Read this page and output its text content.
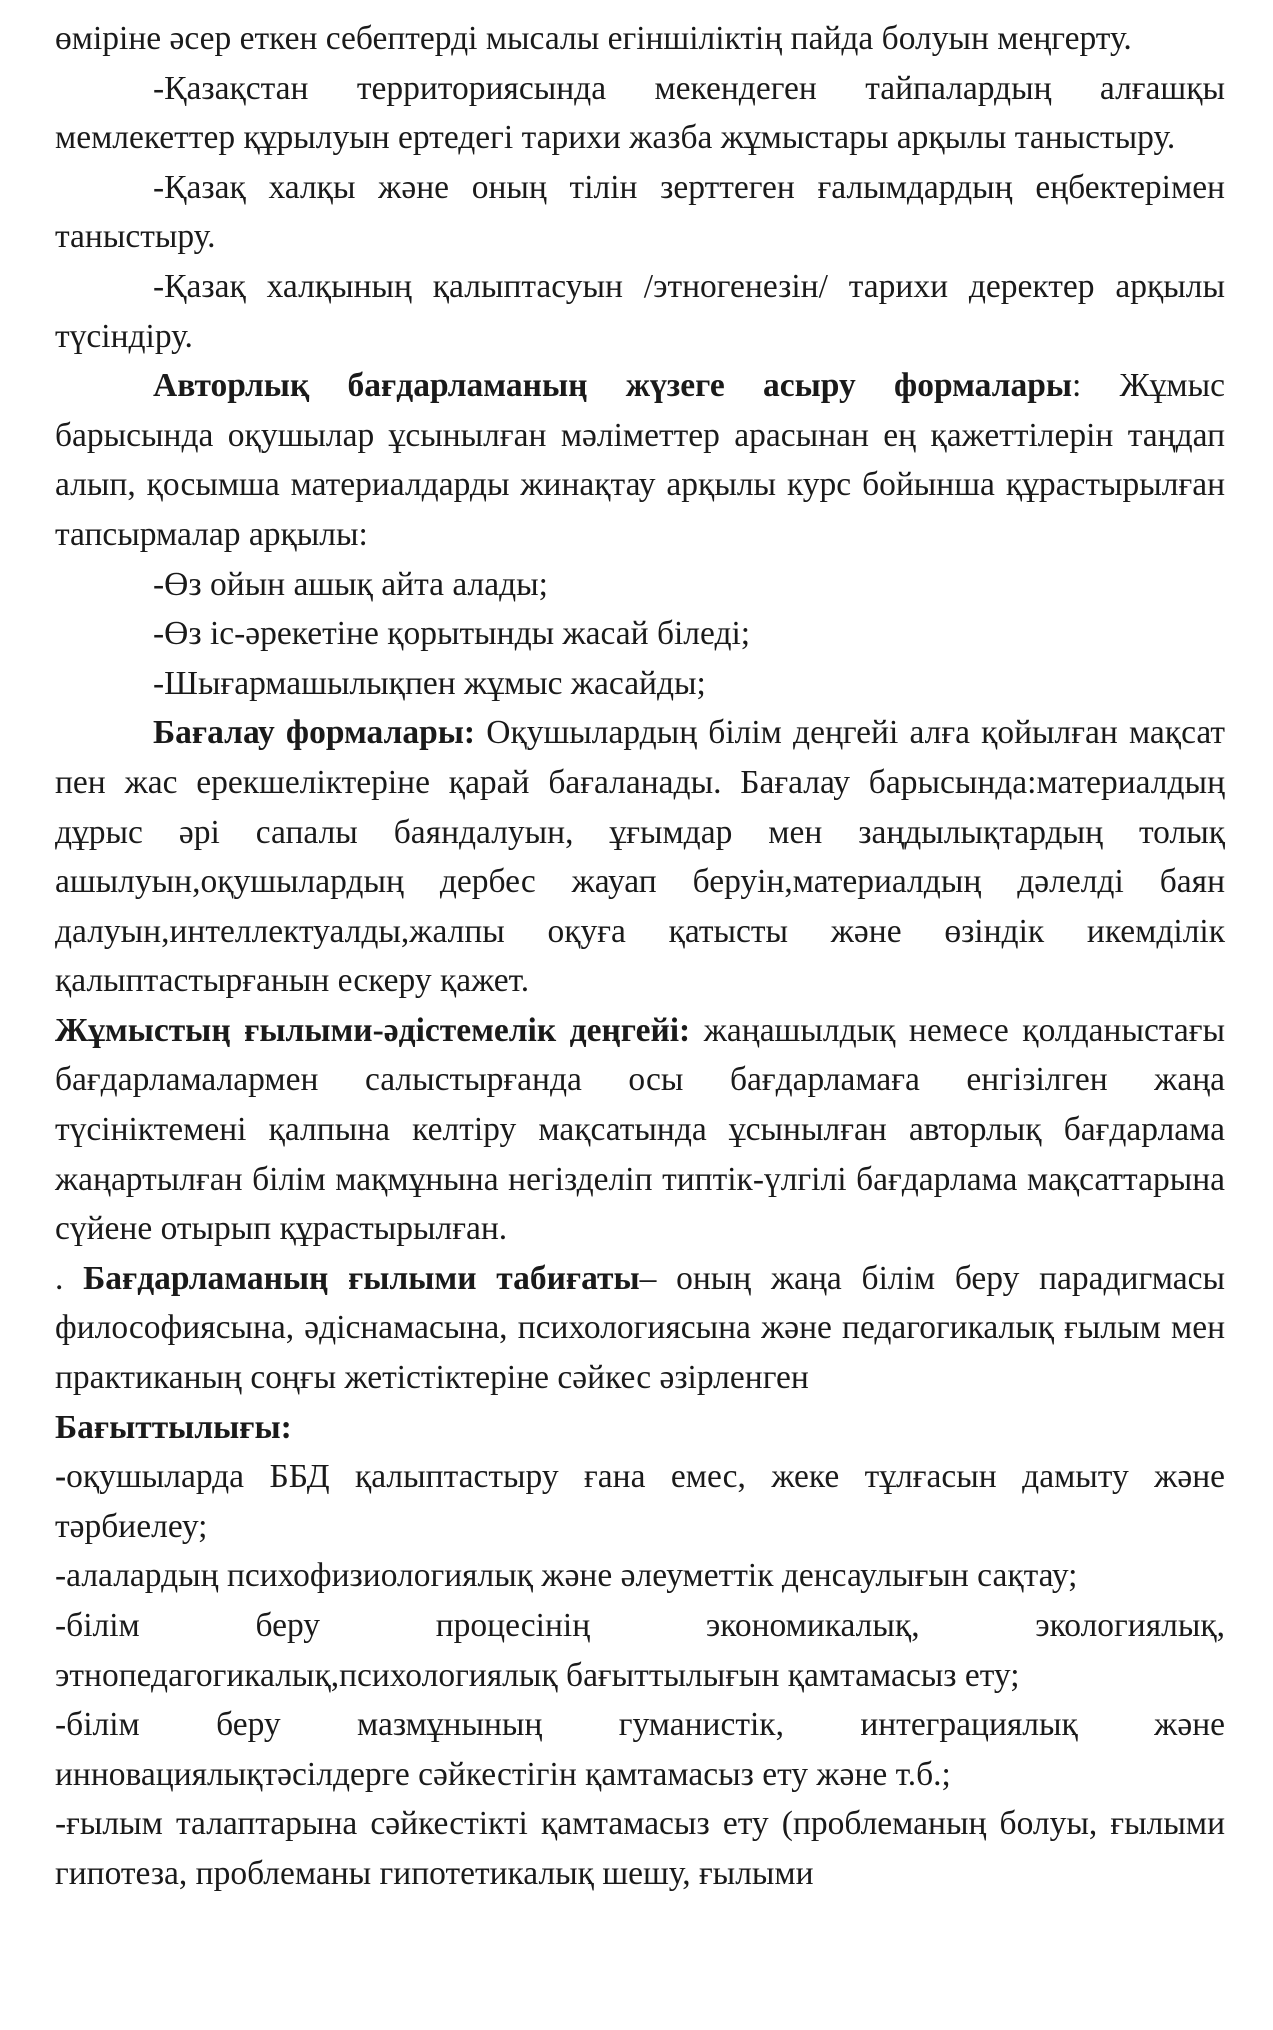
өміріне әсер еткен себептерді мысалы егіншіліктің пайда болуын меңгерту.

-Қазақстан территориясында мекендеген тайпалардың алғашқы мемлекеттер құрылуын ертедегі тарихи жазба жұмыстары арқылы таныстыру.

-Қазақ халқы және оның тілін зерттеген ғалымдардың еңбектерімен таныстыру.

-Қазақ халқының қалыптасуын /этногенезін/ тарихи деректер арқылы түсіндіру.

Авторлық бағдарламаның жүзеге асыру формалары: Жұмыс барысында оқушылар ұсынылған мәліметтер арасынан ең қажеттілерін таңдап алып, қосымша материалдарды жинақтау арқылы курс бойынша құрастырылған тапсырмалар арқылы:

-Өз ойын ашық айта алады;

-Өз іс-әрекетіне қорытынды жасай біледі;

-Шығармашылықпен жұмыс жасайды;

Бағалау формалары: Оқушылардың білім деңгейі алға қойылған мақсат пен жас ерекшеліктеріне қарай бағаланады. Бағалау барысында:материалдың дұрыс әрі сапалы баяндалуын, ұғымдар мен заңдылықтардың толық ашылуын,оқушылардың дербес жауап беруін,материалдың дәлелді баян далуын,интеллектуалды,жалпы оқуға қатысты және өзіндік икемділік қалыптастырғанын ескеру қажет.

Жұмыстың ғылыми-әдістемелік деңгейі: жаңашылдық немесе қолданыстағы бағдарламалармен салыстырғанда осы бағдарламаға енгізілген жаңа түсініктемені қалпына келтіру мақсатында ұсынылған авторлық бағдарлама жаңартылған білім мақмұнына негізделіп типтік-үлгілі бағдарлама мақсаттарына сүйене отырып құрастырылған.

. Бағдарламаның ғылыми табиғаты– оның жаңа білім беру парадигмасы философиясына, әдіснамасына, психологиясына және педагогикалық ғылым мен практиканың соңғы жетістіктеріне сәйкес әзірленген

Бағыттылығы:

-оқушыларда ББД қалыптастыру ғана емес, жеке тұлғасын дамыту және тәрбиелеу;

-алалардың психофизиологиялық және әлеуметтік денсаулығын сақтау;

-білім беру процесінің экономикалық, экологиялық, этнопедагогикалық,психологиялық бағыттылығын қамтамасыз ету;

-білім беру мазмұнының гуманистік, интеграциялық және инновациялықтәсілдерге сәйкестігін қамтамасыз ету және т.б.;

-ғылым талаптарына сәйкестікті қамтамасыз ету (проблеманың болуы, ғылыми гипотеза, проблеманы гипотетикалық шешу, ғылыми
